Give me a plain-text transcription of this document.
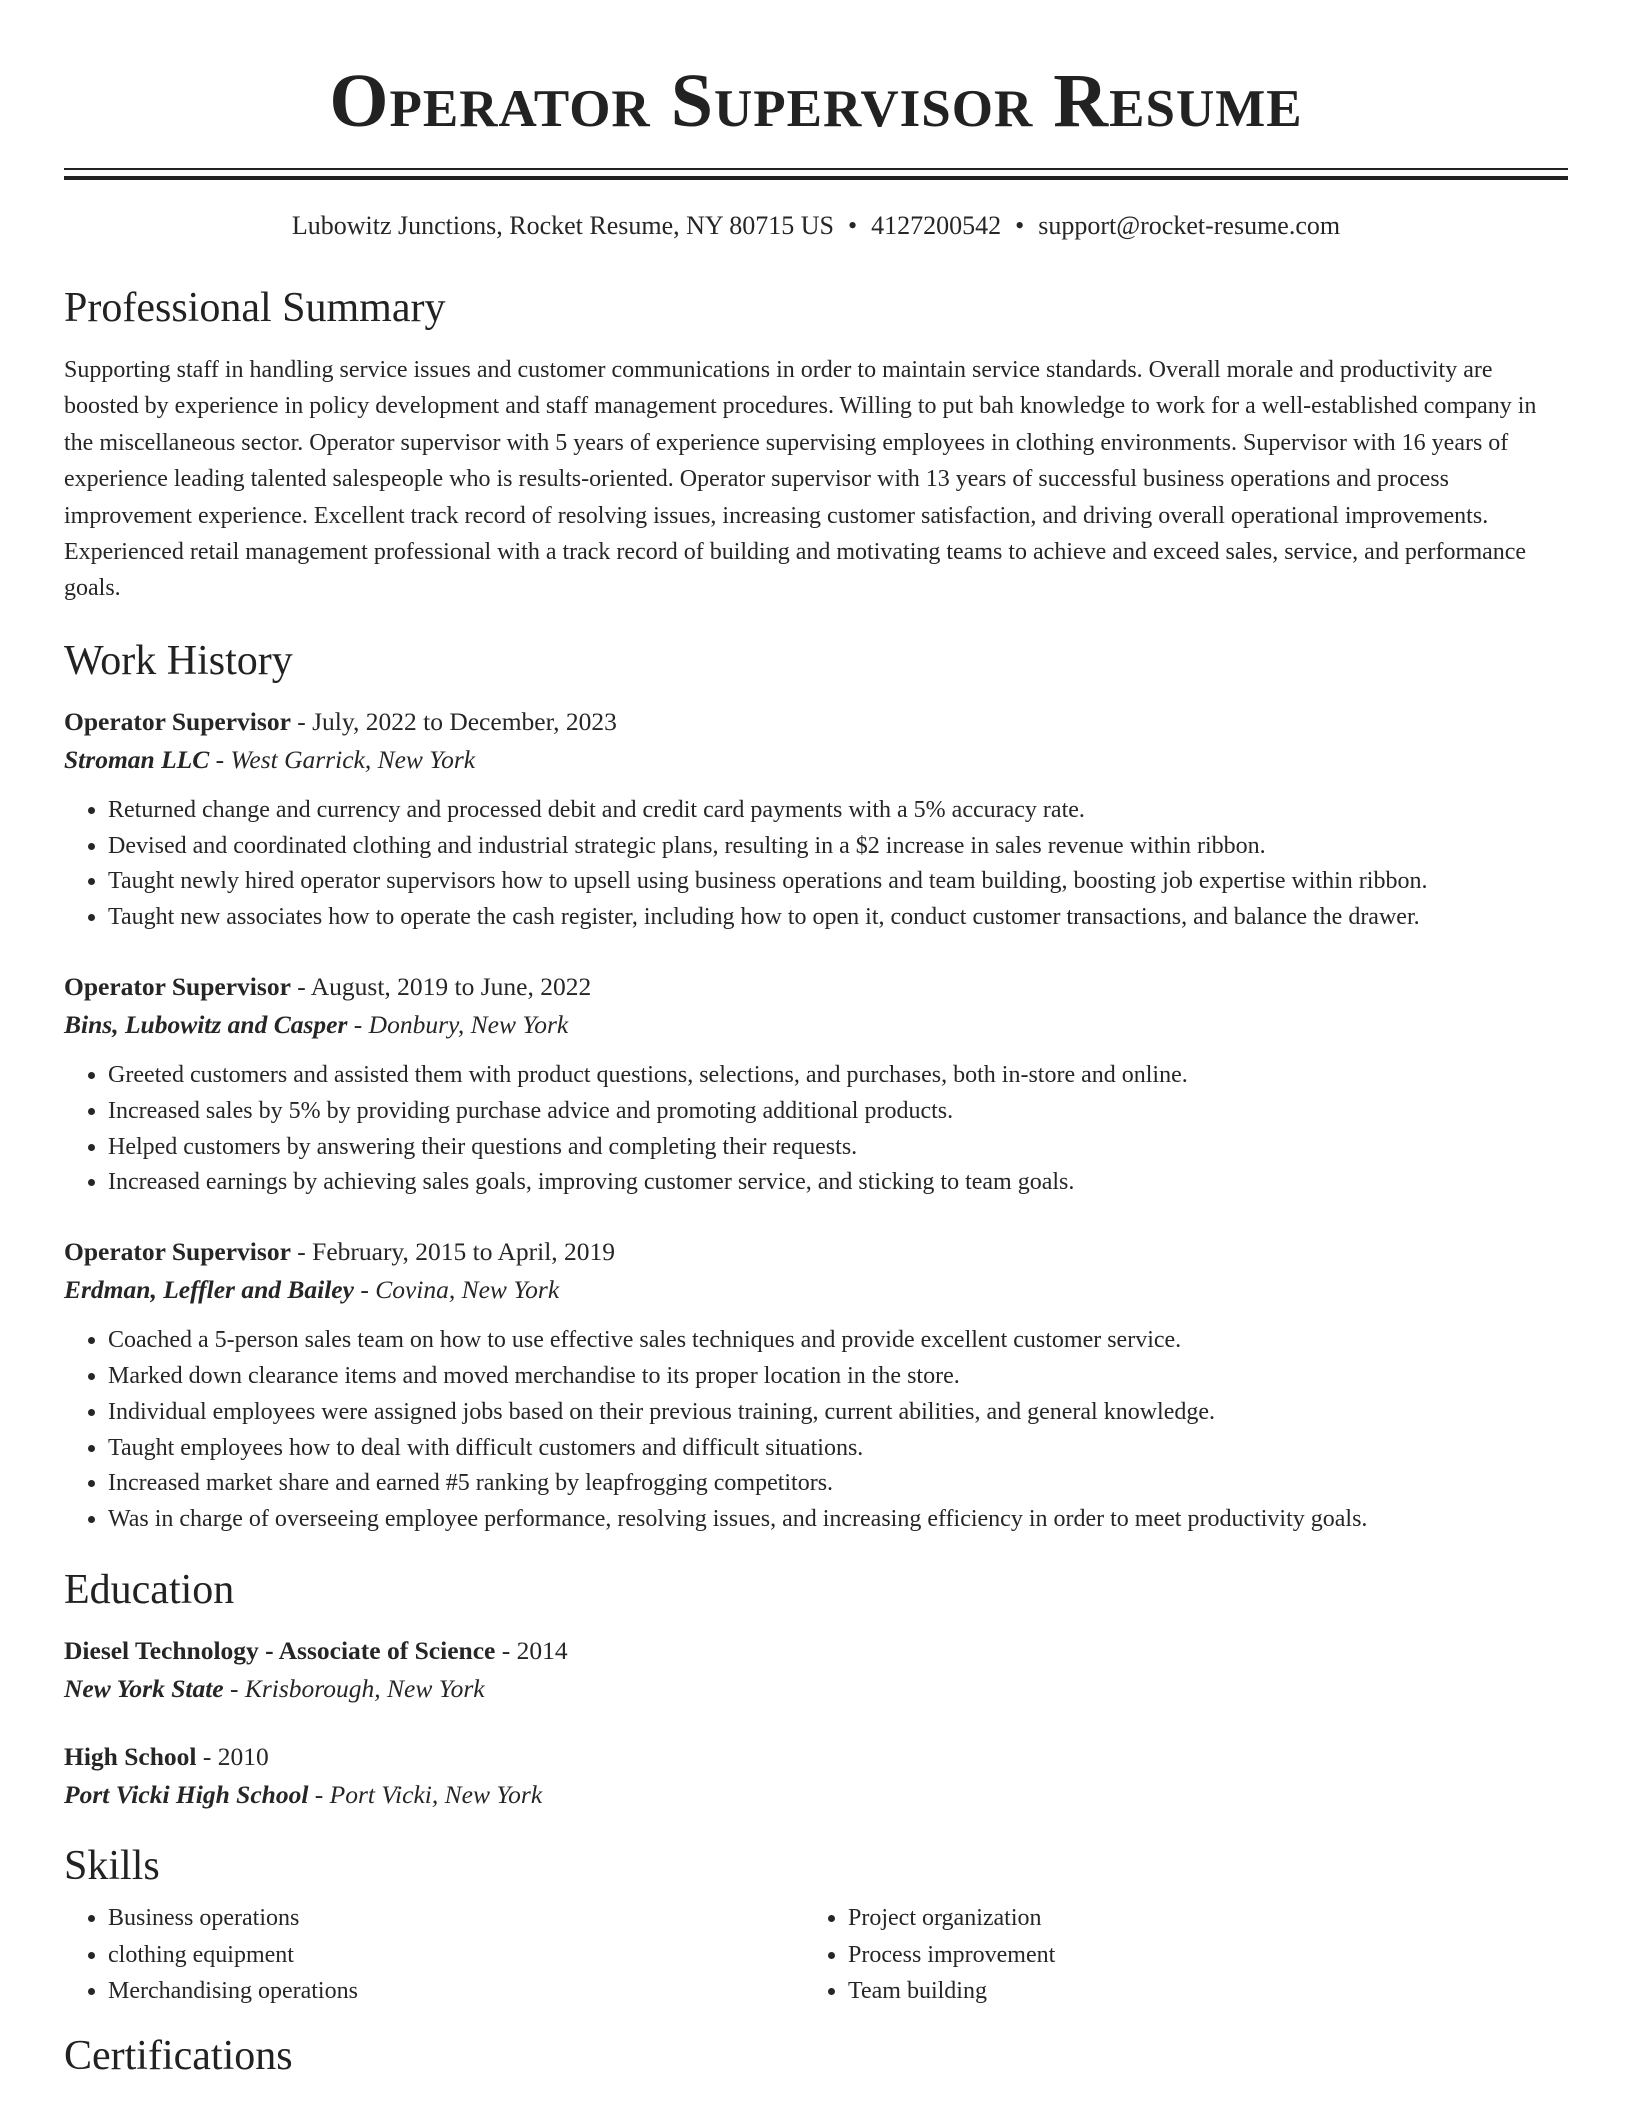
Operator Supervisor Resume
Lubowitz Junctions, Rocket Resume, NY 80715 US • 4127200542 • support@rocket-resume.com
Professional Summary

Supporting staff in handling service issues and customer communications in order to maintain service standards. Overall morale and productivity are boosted by experience in policy development and staff management procedures. Willing to put bah knowledge to work for a well-established company in the miscellaneous sector. Operator supervisor with 5 years of experience supervising employees in clothing environments. Supervisor with 16 years of experience leading talented salespeople who is results-oriented. Operator supervisor with 13 years of successful business operations and process improvement experience. Excellent track record of resolving issues, increasing customer satisfaction, and driving overall operational improvements. Experienced retail management professional with a track record of building and motivating teams to achieve and exceed sales, service, and performance goals.

Work History
Operator Supervisor - July, 2022 to December, 2023
Stroman LLC - West Garrick, New York
• Returned change and currency and processed debit and credit card payments with a 5% accuracy rate.
• Devised and coordinated clothing and industrial strategic plans, resulting in a $2 increase in sales revenue within ribbon.
• Taught newly hired operator supervisors how to upsell using business operations and team building, boosting job expertise within ribbon.
• Taught new associates how to operate the cash register, including how to open it, conduct customer transactions, and balance the drawer.
Operator Supervisor - August, 2019 to June, 2022
Bins, Lubowitz and Casper - Donbury, New York
• Greeted customers and assisted them with product questions, selections, and purchases, both in-store and online.
• Increased sales by 5% by providing purchase advice and promoting additional products.
• Helped customers by answering their questions and completing their requests.
• Increased earnings by achieving sales goals, improving customer service, and sticking to team goals.
Operator Supervisor - February, 2015 to April, 2019
Erdman, Leffler and Bailey - Covina, New York
• Coached a 5-person sales team on how to use effective sales techniques and provide excellent customer service.
• Marked down clearance items and moved merchandise to its proper location in the store.
• Individual employees were assigned jobs based on their previous training, current abilities, and general knowledge.
• Taught employees how to deal with difficult customers and difficult situations.
• Increased market share and earned #5 ranking by leapfrogging competitors.
• Was in charge of overseeing employee performance, resolving issues, and increasing efficiency in order to meet productivity goals.
Education
Diesel Technology - Associate of Science - 2014
New York State - Krisborough, New York
High School - 2010
Port Vicki High School - Port Vicki, New York
Skills
• Business operations
• clothing equipment
• Merchandising operations
• Project organization
• Process improvement
• Team building
Certifications
